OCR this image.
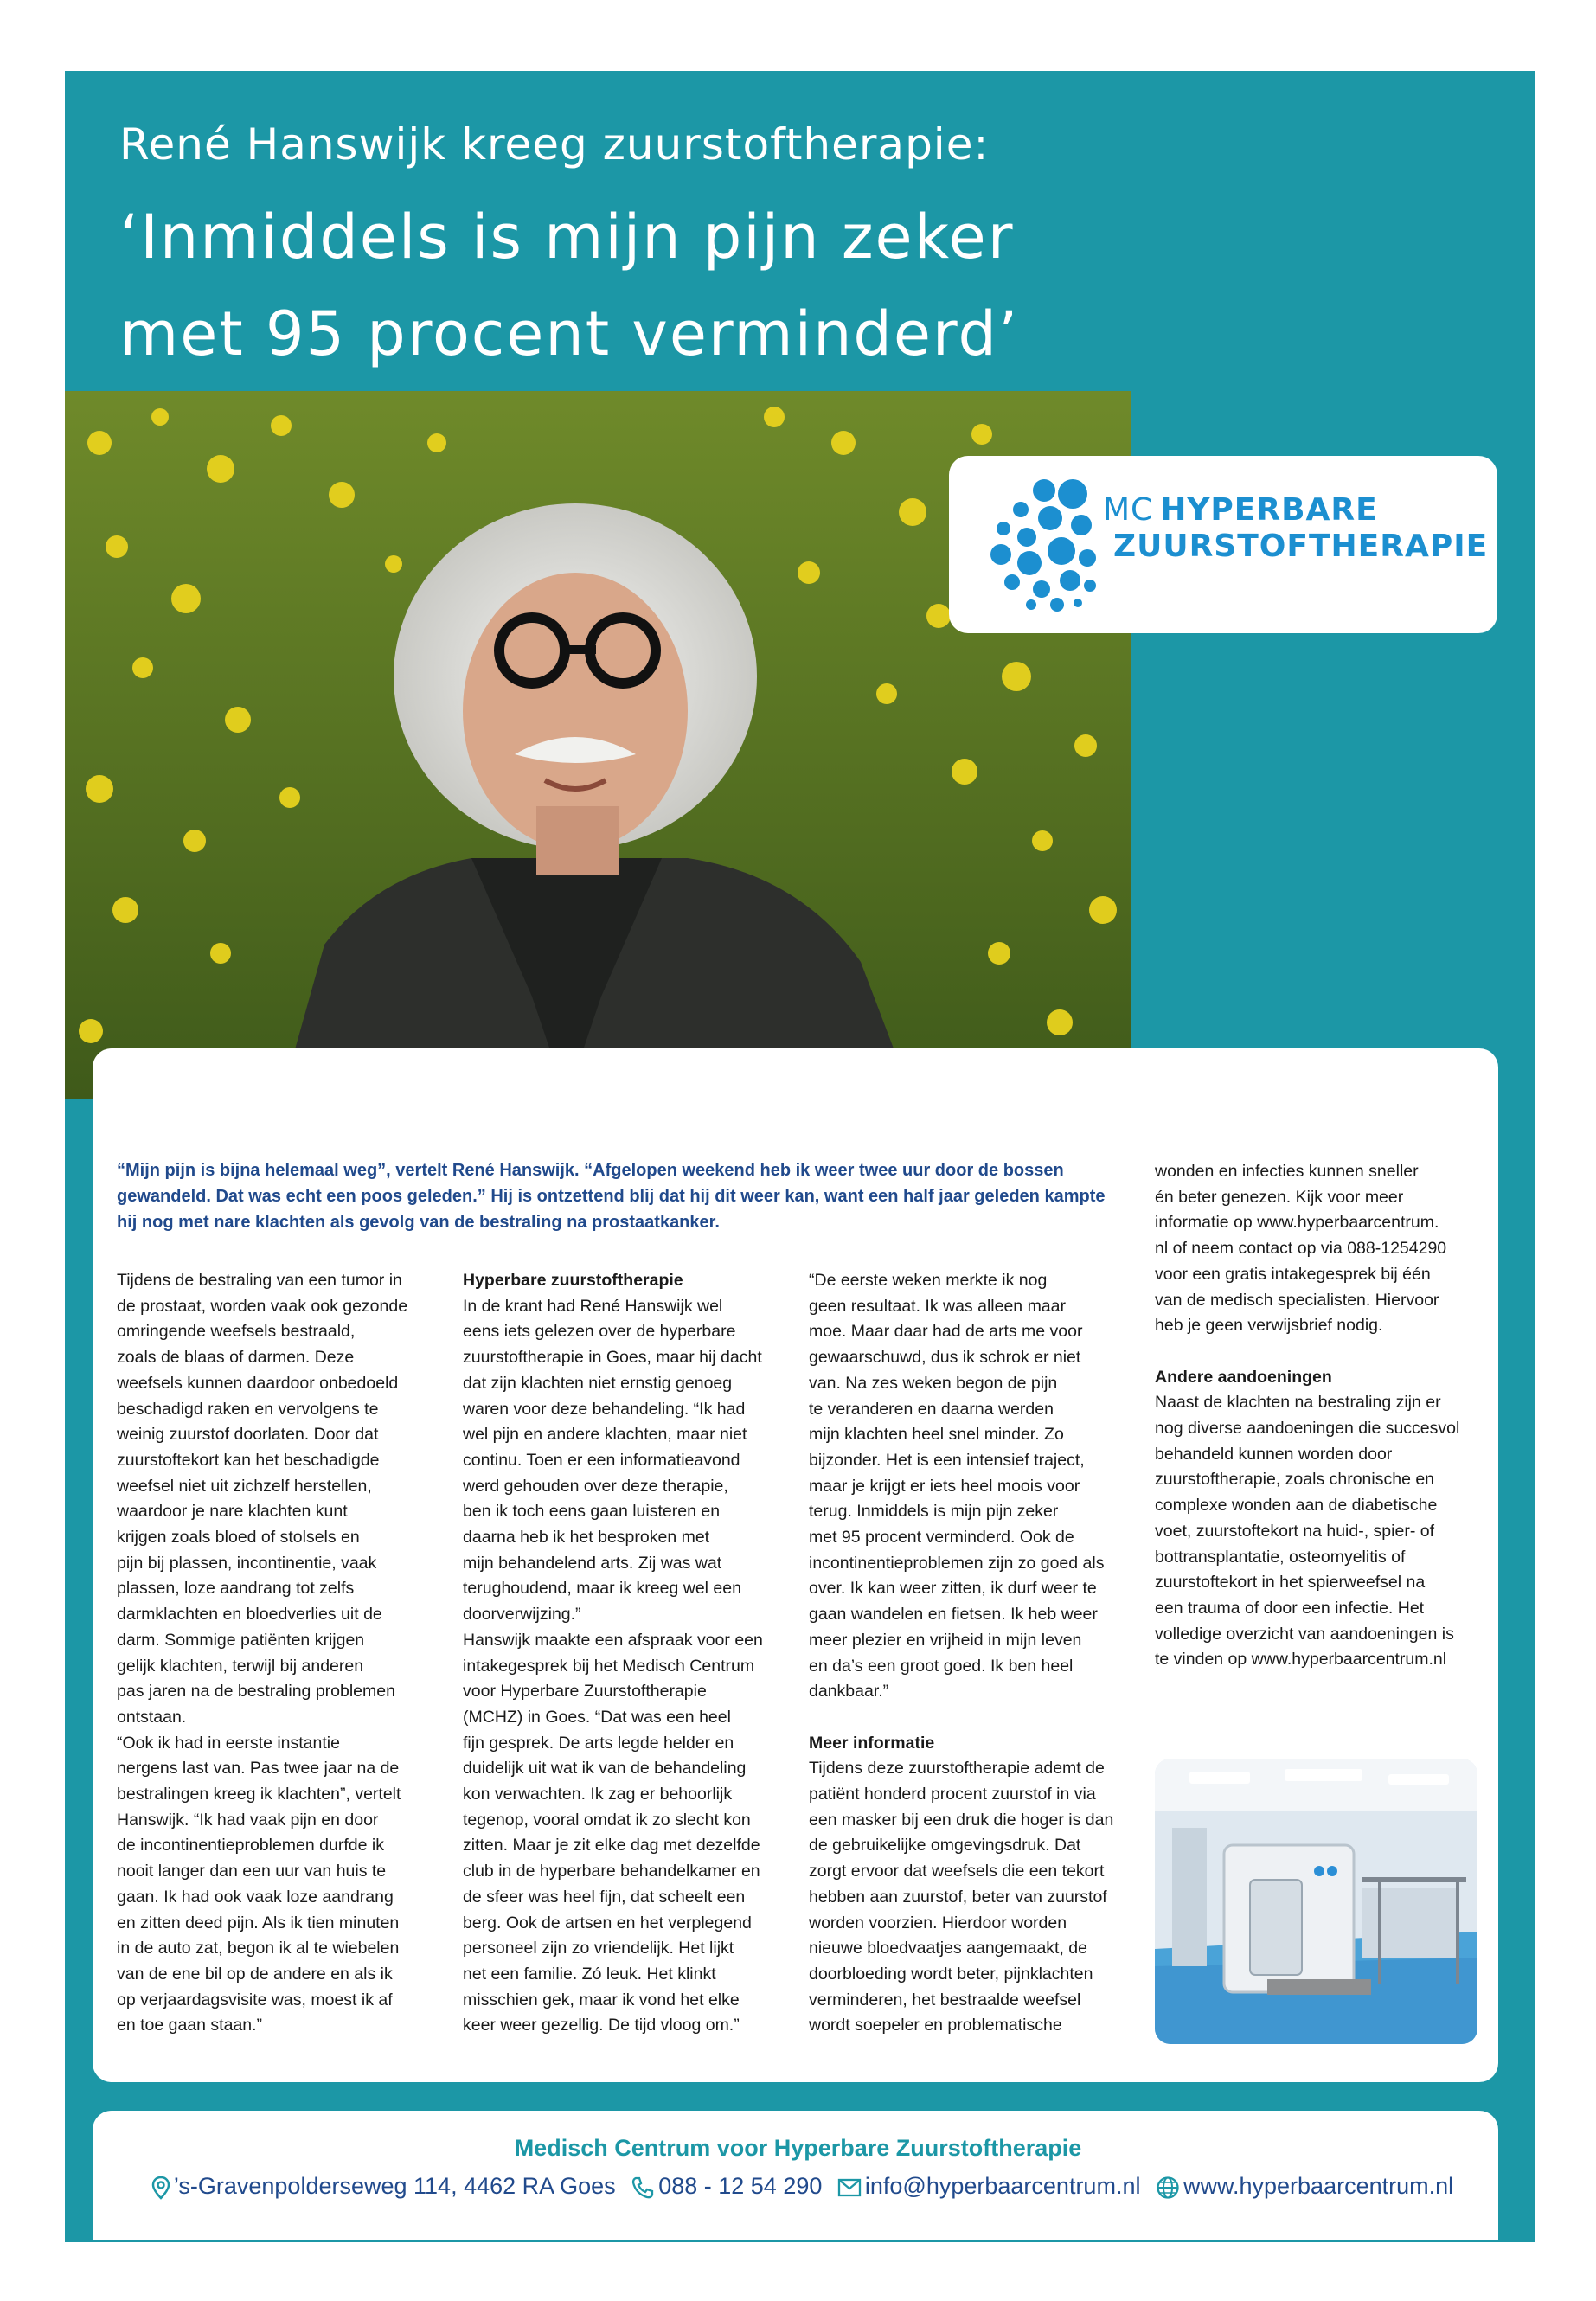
René Hanswijk kreeg zuurstoftherapie:
‘Inmiddels is mijn pijn zeker
met 95 procent verminderd’
MC HYPERBARE
ZUURSTOFTHERAPIE
“Mijn pijn is bijna helemaal weg”, vertelt René Hanswijk. “Afgelopen weekend heb ik weer twee uur door de bossen gewandeld. Dat was echt een poos geleden.” Hij is ontzettend blij dat hij dit weer kan, want een half jaar geleden kampte hij nog met nare klachten als gevolg van de bestraling na prostaatkanker.

Tijdens de bestraling van een tumor in
de prostaat, worden vaak ook gezonde
omringende weefsels bestraald,
zoals de blaas of darmen. Deze
weefsels kunnen daardoor onbedoeld
beschadigd raken en vervolgens te
weinig zuurstof doorlaten. Door dat
zuurstoftekort kan het beschadigde
weefsel niet uit zichzelf herstellen,
waardoor je nare klachten kunt
krijgen zoals bloed of stolsels en
pijn bij plassen, incontinentie, vaak
plassen, loze aandrang tot zelfs
darmklachten en bloedverlies uit de
darm. Sommige patiënten krijgen
gelijk klachten, terwijl bij anderen
pas jaren na de bestraling problemen
ontstaan.

“Ook ik had in eerste instantie
nergens last van. Pas twee jaar na de
bestralingen kreeg ik klachten”, vertelt
Hanswijk. “Ik had vaak pijn en door
de incontinentieproblemen durfde ik
nooit langer dan een uur van huis te
gaan. Ik had ook vaak loze aandrang
en zitten deed pijn. Als ik tien minuten
in de auto zat, begon ik al te wiebelen
van de ene bil op de andere en als ik
op verjaardagsvisite was, moest ik af
en toe gaan staan.”

Hyperbare zuurstoftherapie

In de krant had René Hanswijk wel
eens iets gelezen over de hyperbare
zuurstoftherapie in Goes, maar hij dacht
dat zijn klachten niet ernstig genoeg
waren voor deze behandeling. “Ik had
wel pijn en andere klachten, maar niet
continu. Toen er een informatieavond
werd gehouden over deze therapie,
ben ik toch eens gaan luisteren en
daarna heb ik het besproken met
mijn behandelend arts. Zij was wat
terughoudend, maar ik kreeg wel een
doorverwijzing.”

Hanswijk maakte een afspraak voor een
intakegesprek bij het Medisch Centrum
voor Hyperbare Zuurstoftherapie
(MCHZ) in Goes. “Dat was een heel
fijn gesprek. De arts legde helder en
duidelijk uit wat ik van de behandeling
kon verwachten. Ik zag er behoorlijk
tegenop, vooral omdat ik zo slecht kon
zitten. Maar je zit elke dag met dezelfde
club in de hyperbare behandelkamer en
de sfeer was heel fijn, dat scheelt een
berg. Ook de artsen en het verplegend
personeel zijn zo vriendelijk. Het lijkt
net een familie. Zó leuk. Het klinkt
misschien gek, maar ik vond het elke
keer weer gezellig. De tijd vloog om.”

“De eerste weken merkte ik nog
geen resultaat. Ik was alleen maar
moe. Maar daar had de arts me voor
gewaarschuwd, dus ik schrok er niet
van. Na zes weken begon de pijn
te veranderen en daarna werden
mijn klachten heel snel minder. Zo
bijzonder. Het is een intensief traject,
maar je krijgt er iets heel moois voor
terug. Inmiddels is mijn pijn zeker
met 95 procent verminderd. Ook de
incontinentieproblemen zijn zo goed als
over. Ik kan weer zitten, ik durf weer te
gaan wandelen en fietsen. Ik heb weer
meer plezier en vrijheid in mijn leven
en da’s een groot goed. Ik ben heel
dankbaar.”

Meer informatie

Tijdens deze zuurstoftherapie ademt de
patiënt honderd procent zuurstof in via
een masker bij een druk die hoger is dan
de gebruikelijke omgevingsdruk. Dat
zorgt ervoor dat weefsels die een tekort
hebben aan zuurstof, beter van zuurstof
worden voorzien. Hierdoor worden
nieuwe bloedvaatjes aangemaakt, de
doorbloeding wordt beter, pijnklachten
verminderen, het bestraalde weefsel
wordt soepeler en problematische

wonden en infecties kunnen sneller
én beter genezen. Kijk voor meer
informatie op www.hyperbaarcentrum.
nl of neem contact op via 088-1254290
voor een gratis intakegesprek bij één
van de medisch specialisten. Hiervoor
heb je geen verwijsbrief nodig.

Andere aandoeningen

Naast de klachten na bestraling zijn er
nog diverse aandoeningen die succesvol
behandeld kunnen worden door
zuurstoftherapie, zoals chronische en
complexe wonden aan de diabetische
voet, zuurstoftekort na huid-, spier- of
bottransplantatie, osteomyelitis of
zuurstoftekort in het spierweefsel na
een trauma of door een infectie. Het
volledige overzicht van aandoeningen is
te vinden op www.hyperbaarcentrum.nl

Medisch Centrum voor Hyperbare Zuurstoftherapie
’s-Gravenpolderseweg 114, 4462 RA Goes 088 - 12 54 290 info@hyperbaarcentrum.nl www.hyperbaarcentrum.nl
